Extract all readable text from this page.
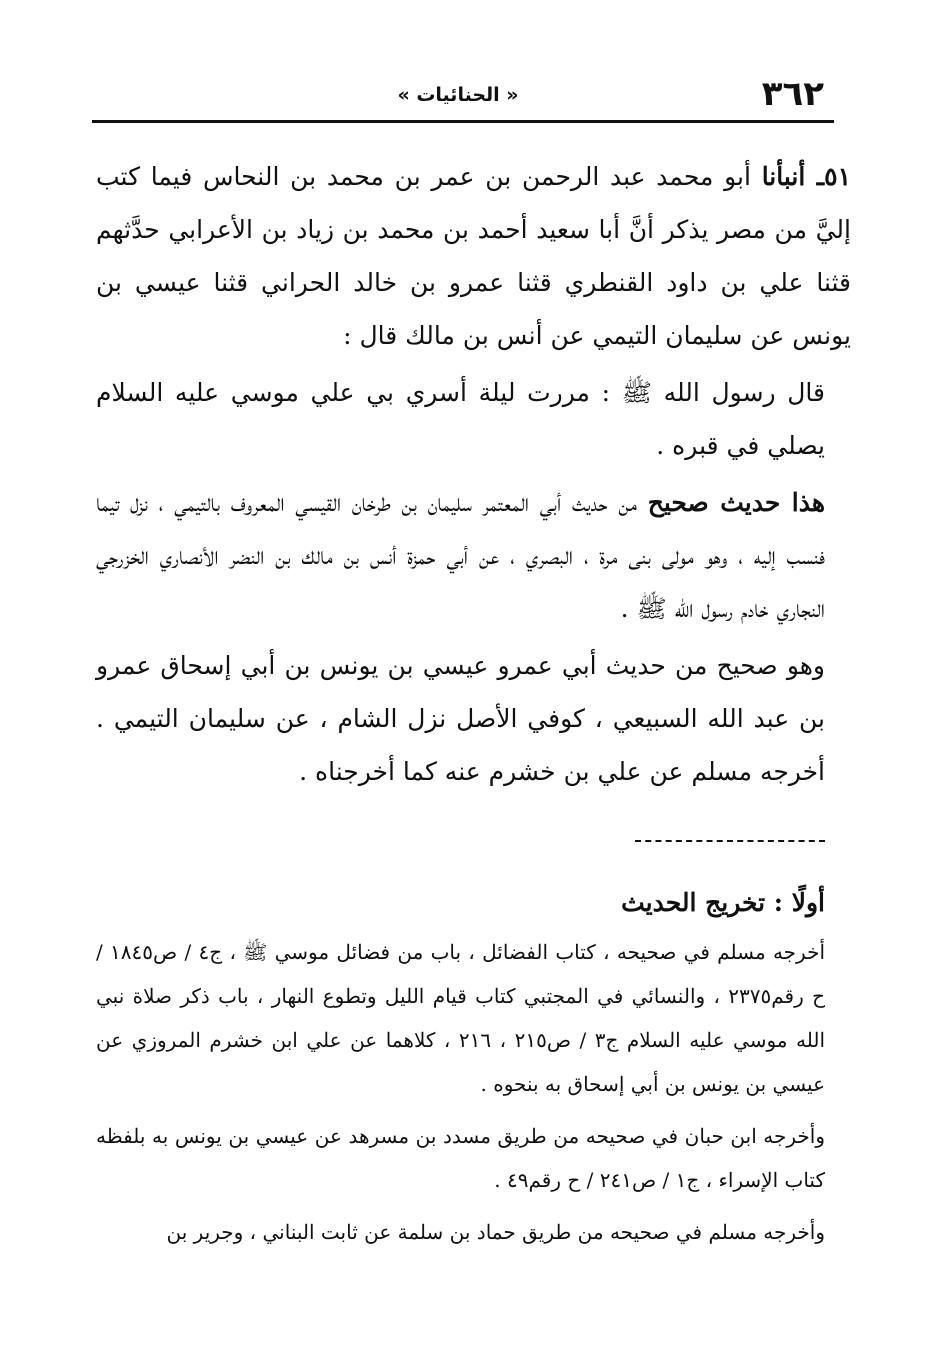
٣٦٢
« الحنائيات »

٥١ـ أنبأنا أبو محمد عبد الرحمن بن عمر بن محمد بن النحاس فيما كتب إليَّ من مصر يذكر أنَّ أبا سعيد أحمد بن محمد بن زياد بن الأعرابي حدَّثهم قثنا علي بن داود القنطري قثنا عمرو بن خالد الحراني قثنا عيسي بن يونس عن سليمان التيمي عن أنس بن مالك قال :

قال رسول الله ﷺ : مررت ليلة أسري بي علي موسي عليه السلام يصلي في قبره .

هذا حديث صحيح من حديث أبي المعتمر سليمان بن طرخان القيسي المعروف بالتيمي ، نزل تيما فنسب إليه ، وهو مولى بنى مرة ، البصري ، عن أبي حمزة أنس بن مالك بن النضر الأنصاري الخزرجي النجاري خادم رسول الله ﷺ .

وهو صحيح من حديث أبي عمرو عيسي بن يونس بن أبي إسحاق عمرو بن عبد الله السبيعي ، كوفي الأصل نزل الشام ، عن سليمان التيمي . أخرجه مسلم عن علي بن خشرم عنه كما أخرجناه .

أولًا : تخريج الحديث

أخرجه مسلم في صحيحه ، كتاب الفضائل ، باب من فضائل موسي ﷺ ، ج٤ / ص١٨٤٥ / ح رقم٢٣٧٥ ، والنسائي في المجتبي كتاب قيام الليل وتطوع النهار ، باب ذكر صلاة نبي الله موسي عليه السلام ج٣ / ص٢١٥ ، ٢١٦ ، كلاهما عن علي ابن خشرم المروزي عن عيسي بن يونس بن أبي إسحاق به بنحوه .

وأخرجه ابن حبان في صحيحه من طريق مسدد بن مسرهد عن عيسي بن يونس به بلفظه كتاب الإسراء ، ج١ / ص٢٤١ / ح رقم٤٩ .

وأخرجه مسلم في صحيحه من طريق حماد بن سلمة عن ثابت البناني ، وجرير بن
